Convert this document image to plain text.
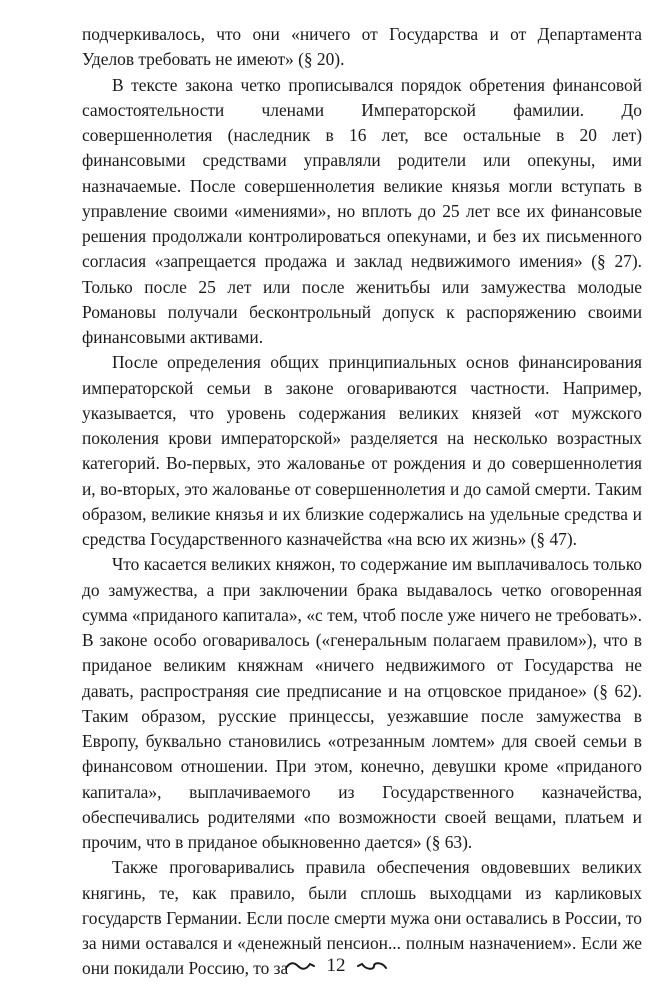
подчеркивалось, что они «ничего от Государства и от Департамента Уделов требовать не имеют» (§ 20).

В тексте закона четко прописывался порядок обретения финансовой самостоятельности членами Императорской фамилии. До совершеннолетия (наследник в 16 лет, все остальные в 20 лет) финансовыми средствами управляли родители или опекуны, ими назначаемые. После совершеннолетия великие князья могли вступать в управление своими «имениями», но вплоть до 25 лет все их финансовые решения продолжали контролироваться опекунами, и без их письменного согласия «запрещается продажа и заклад недвижимого имения» (§ 27). Только после 25 лет или после женитьбы или замужества молодые Романовы получали бесконтрольный допуск к распоряжению своими финансовыми активами.

После определения общих принципиальных основ финансирования императорской семьи в законе оговариваются частности. Например, указывается, что уровень содержания великих князей «от мужского поколения крови императорской» разделяется на несколько возрастных категорий. Во-первых, это жалованье от рождения и до совершеннолетия и, во-вторых, это жалованье от совершеннолетия и до самой смерти. Таким образом, великие князья и их близкие содержались на удельные средства и средства Государственного казначейства «на всю их жизнь» (§ 47).

Что касается великих княжон, то содержание им выплачивалось только до замужества, а при заключении брака выдавалось четко оговоренная сумма «приданого капитала», «с тем, чтоб после уже ничего не требовать». В законе особо оговаривалось («генеральным полагаем правилом»), что в приданое великим княжнам «ничего недвижимого от Государства не давать, распространяя сие предписание и на отцовское приданое» (§ 62). Таким образом, русские принцессы, уезжавшие после замужества в Европу, буквально становились «отрезанным ломтем» для своей семьи в финансовом отношении. При этом, конечно, девушки кроме «приданого капитала», выплачиваемого из Государственного казначейства, обеспечивались родителями «по возможности своей вещами, платьем и прочим, что в приданое обыкновенно дается» (§ 63).

Также проговаривались правила обеспечения овдовевших великих княгинь, те, как правило, были сплошь выходцами из карликовых государств Германии. Если после смерти мужа они оставались в России, то за ними оставался и «денежный пенсион... полным назначением». Если же они покидали Россию, то за	12
